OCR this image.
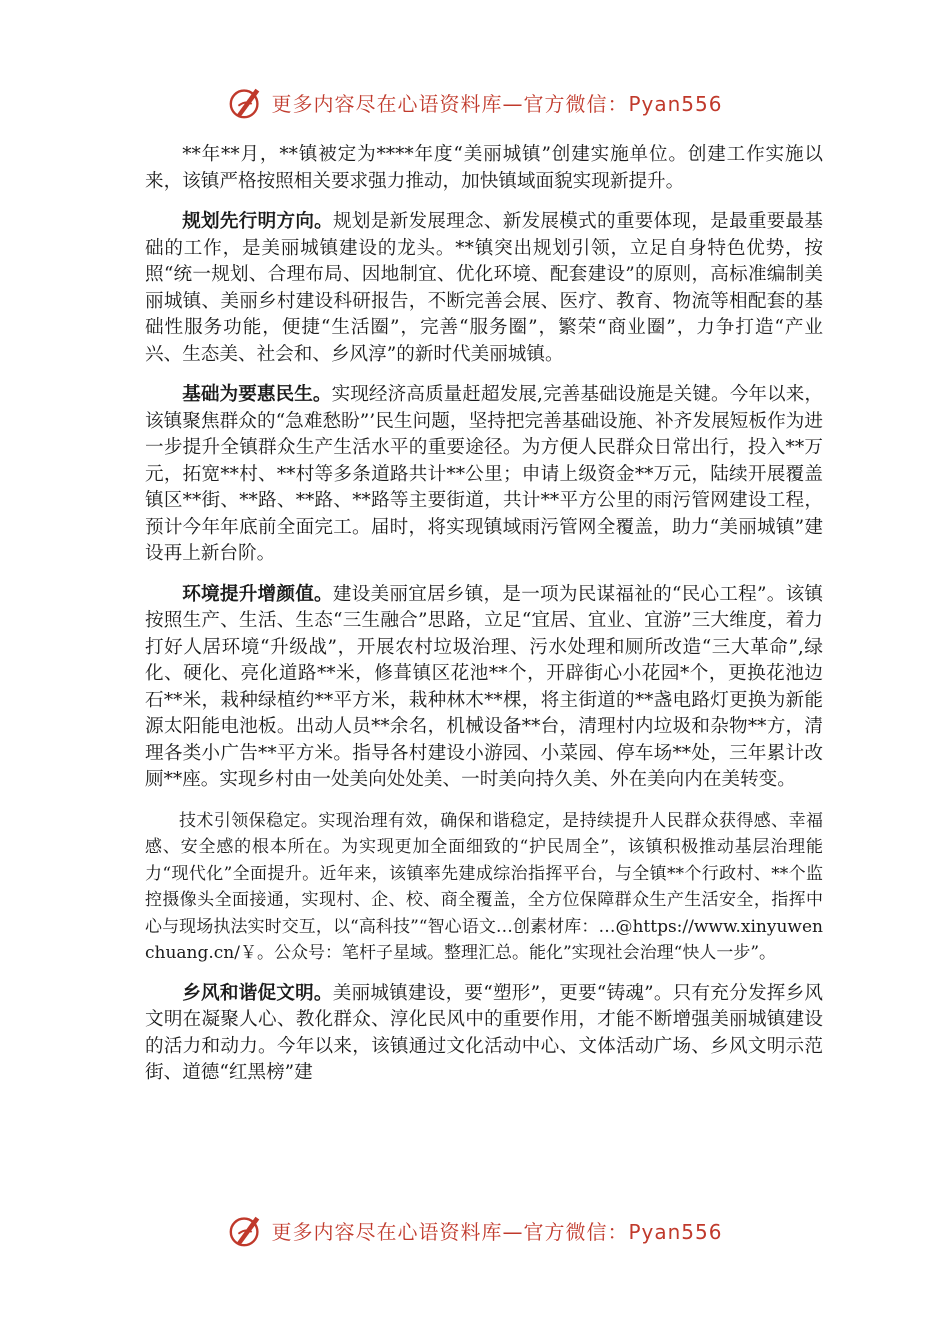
更多内容尽在心语资料库—官方微信：Pyan556

**年**月，**镇被定为****年度“美丽城镇”创建实施单位。创建工作实施以来，该镇严格按照相关要求强力推动，加快镇域面貌实现新提升。

规划先行明方向。规划是新发展理念、新发展模式的重要体现，是最重要最基础的工作，是美丽城镇建设的龙头。**镇突出规划引领，立足自身特色优势，按照“统一规划、合理布局、因地制宜、优化环境、配套建设”的原则，高标准编制美丽城镇、美丽乡村建设科研报告，不断完善会展、医疗、教育、物流等相配套的基础性服务功能，便捷“生活圈”，完善“服务圈”，繁荣“商业圈”，力争打造“产业兴、生态美、社会和、乡风淳”的新时代美丽城镇。

基础为要惠民生。实现经济高质量赶超发展,完善基础设施是关键。今年以来，该镇聚焦群众的“急难愁盼”’民生问题，坚持把完善基础设施、补齐发展短板作为进一步提升全镇群众生产生活水平的重要途径。为方便人民群众日常出行，投入**万元，拓宽**村、**村等多条道路共计**公里；申请上级资金**万元，陆续开展覆盖镇区**街、**路、**路、**路等主要街道，共计**平方公里的雨污管网建设工程，预计今年年底前全面完工。届时，将实现镇域雨污管网全覆盖，助力“美丽城镇”建设再上新台阶。

环境提升增颜值。建设美丽宜居乡镇，是一项为民谋福祉的“民心工程”。该镇按照生产、生活、生态“三生融合”思路，立足“宜居、宜业、宜游”三大维度，着力打好人居环境“升级战”，开展农村垃圾治理、污水处理和厕所改造“三大革命”,绿化、硬化、亮化道路**米，修葺镇区花池**个，开辟街心小花园*个，更换花池边石**米，栽种绿植约**平方米，栽种林木**棵，将主街道的**盏电路灯更换为新能源太阳能电池板。出动人员**余名，机械设备**台，清理村内垃圾和杂物**方，清理各类小广告**平方米。指导各村建设小游园、小菜园、停车场**处，三年累计改厕**座。实现乡村由一处美向处处美、一时美向持久美、外在美向内在美转变。

技术引领保稳定。实现治理有效，确保和谐稳定，是持续提升人民群众获得感、幸福感、安全感的根本所在。为实现更加全面细致的“护民周全”，该镇积极推动基层治理能力“现代化”全面提升。近年来，该镇率先建成综治指挥平台，与全镇**个行政村、**个监控摄像头全面接通，实现村、企、校、商全覆盖，全方位保障群众生产生活安全，指挥中心与现场执法实时交互，以“高科技”“智心语文…创素材库：…@https://www.xinyuwenchuang.cn/￥。公众号：笔杆子星域。整理汇总。能化”实现社会治理“快人一步”。

乡风和谐促文明。美丽城镇建设，要“塑形”，更要“铸魂”。只有充分发挥乡风文明在凝聚人心、教化群众、淳化民风中的重要作用，才能不断增强美丽城镇建设的活力和动力。今年以来，该镇通过文化活动中心、文体活动广场、乡风文明示范街、道德“红黑榜”建

更多内容尽在心语资料库—官方微信：Pyan556
